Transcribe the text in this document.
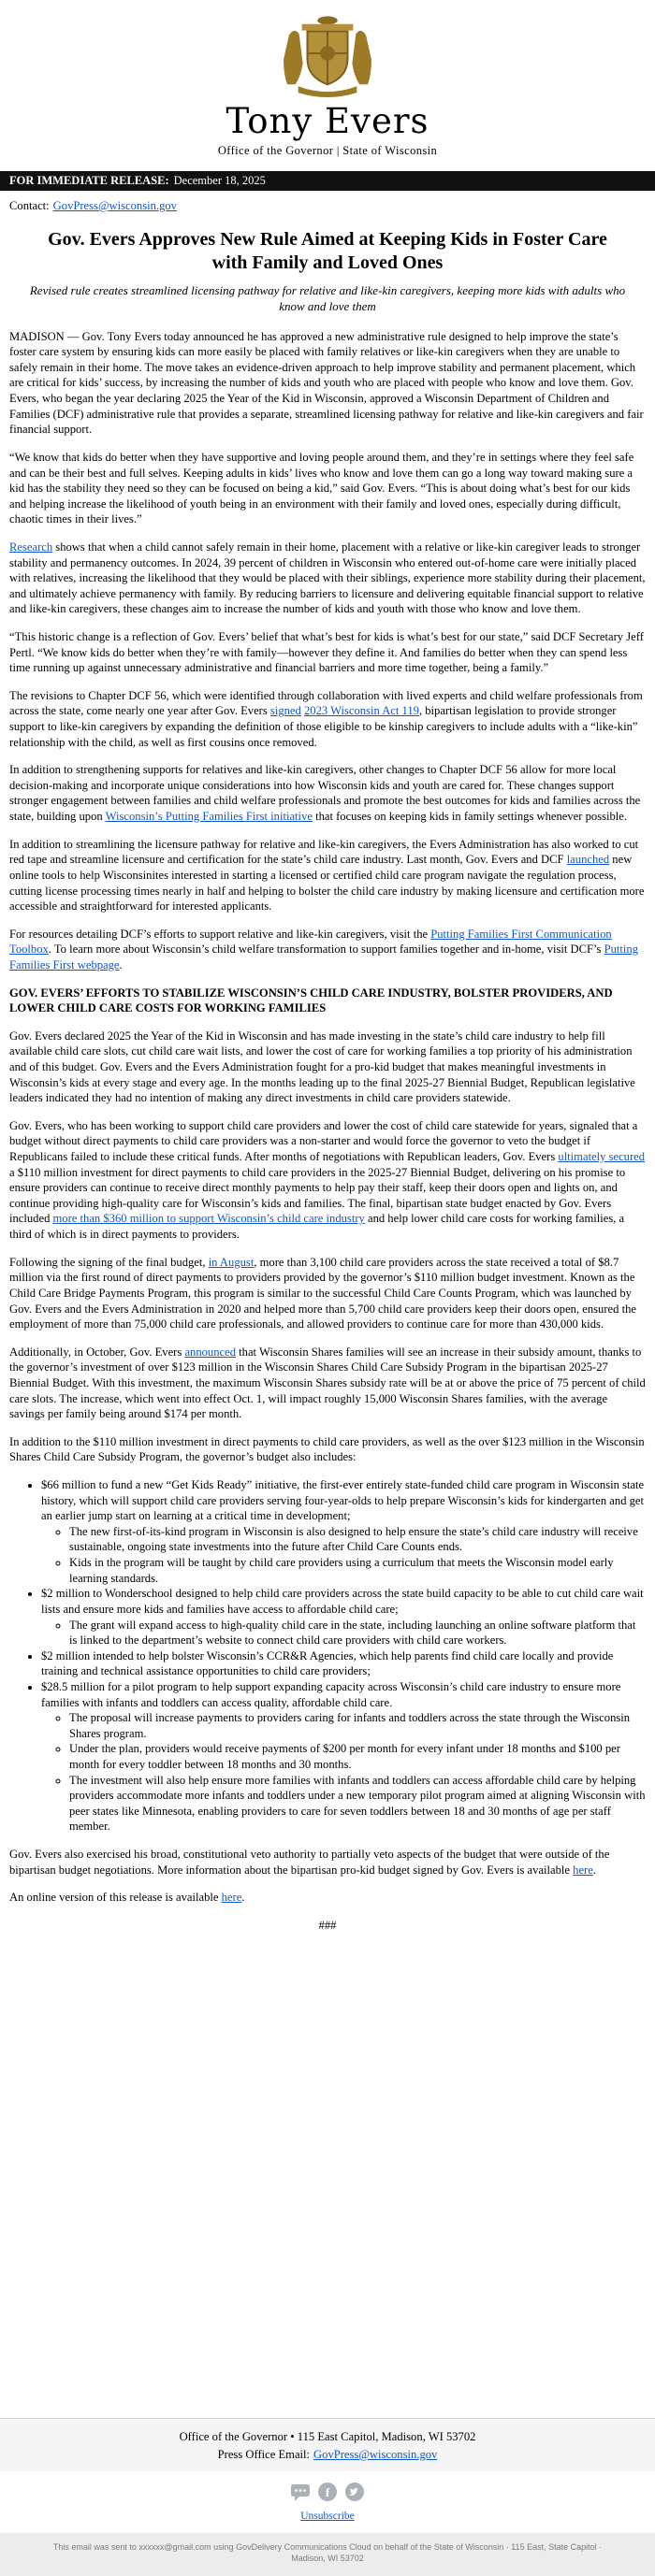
Tony Evers
Office of the Governor | State of Wisconsin
FOR IMMEDIATE RELEASE: December 18, 2025
Contact: GovPress@wisconsin.gov
Gov. Evers Approves New Rule Aimed at Keeping Kids in Foster Care with Family and Loved Ones
Revised rule creates streamlined licensing pathway for relative and like-kin caregivers, keeping more kids with adults who know and love them

MADISON — Gov. Tony Evers today announced he has approved a new administrative rule designed to help improve the state’s foster care system by ensuring kids can more easily be placed with family relatives or like-kin caregivers when they are unable to safely remain in their home. The move takes an evidence-driven approach to help improve stability and permanent placement, which are critical for kids’ success, by increasing the number of kids and youth who are placed with people who know and love them. Gov. Evers, who began the year declaring 2025 the Year of the Kid in Wisconsin, approved a Wisconsin Department of Children and Families (DCF) administrative rule that provides a separate, streamlined licensing pathway for relative and like-kin caregivers and fair financial support.

“We know that kids do better when they have supportive and loving people around them, and they’re in settings where they feel safe and can be their best and full selves. Keeping adults in kids’ lives who know and love them can go a long way toward making sure a kid has the stability they need so they can be focused on being a kid,” said Gov. Evers. “This is about doing what’s best for our kids and helping increase the likelihood of youth being in an environment with their family and loved ones, especially during difficult, chaotic times in their lives.”

Research shows that when a child cannot safely remain in their home, placement with a relative or like-kin caregiver leads to stronger stability and permanency outcomes. In 2024, 39 percent of children in Wisconsin who entered out-of-home care were initially placed with relatives, increasing the likelihood that they would be placed with their siblings, experience more stability during their placement, and ultimately achieve permanency with family. By reducing barriers to licensure and delivering equitable financial support to relative and like-kin caregivers, these changes aim to increase the number of kids and youth with those who know and love them.

“This historic change is a reflection of Gov. Evers’ belief that what’s best for kids is what’s best for our state,” said DCF Secretary Jeff Pertl. “We know kids do better when they’re with family—however they define it. And families do better when they can spend less time running up against unnecessary administrative and financial barriers and more time together, being a family.”

The revisions to Chapter DCF 56, which were identified through collaboration with lived experts and child welfare professionals from across the state, come nearly one year after Gov. Evers signed 2023 Wisconsin Act 119, bipartisan legislation to provide stronger support to like-kin caregivers by expanding the definition of those eligible to be kinship caregivers to include adults with a “like-kin” relationship with the child, as well as first cousins once removed.

In addition to strengthening supports for relatives and like-kin caregivers, other changes to Chapter DCF 56 allow for more local decision-making and incorporate unique considerations into how Wisconsin kids and youth are cared for. These changes support stronger engagement between families and child welfare professionals and promote the best outcomes for kids and families across the state, building upon Wisconsin’s Putting Families First initiative that focuses on keeping kids in family settings whenever possible.

In addition to streamlining the licensure pathway for relative and like-kin caregivers, the Evers Administration has also worked to cut red tape and streamline licensure and certification for the state’s child care industry. Last month, Gov. Evers and DCF launched new online tools to help Wisconsinites interested in starting a licensed or certified child care program navigate the regulation process, cutting license processing times nearly in half and helping to bolster the child care industry by making licensure and certification more accessible and straightforward for interested applicants.

For resources detailing DCF’s efforts to support relative and like-kin caregivers, visit the Putting Families First Communication Toolbox. To learn more about Wisconsin’s child welfare transformation to support families together and in-home, visit DCF’s Putting Families First webpage.

GOV. EVERS’ EFFORTS TO STABILIZE WISCONSIN’S CHILD CARE INDUSTRY, BOLSTER PROVIDERS, AND LOWER CHILD CARE COSTS FOR WORKING FAMILIES

Gov. Evers declared 2025 the Year of the Kid in Wisconsin and has made investing in the state’s child care industry to help fill available child care slots, cut child care wait lists, and lower the cost of care for working families a top priority of his administration and of this budget. Gov. Evers and the Evers Administration fought for a pro-kid budget that makes meaningful investments in Wisconsin’s kids at every stage and every age. In the months leading up to the final 2025-27 Biennial Budget, Republican legislative leaders indicated they had no intention of making any direct investments in child care providers statewide.

Gov. Evers, who has been working to support child care providers and lower the cost of child care statewide for years, signaled that a budget without direct payments to child care providers was a non-starter and would force the governor to veto the budget if Republicans failed to include these critical funds. After months of negotiations with Republican leaders, Gov. Evers ultimately secured a $110 million investment for direct payments to child care providers in the 2025-27 Biennial Budget, delivering on his promise to ensure providers can continue to receive direct monthly payments to help pay their staff, keep their doors open and lights on, and continue providing high-quality care for Wisconsin’s kids and families. The final, bipartisan state budget enacted by Gov. Evers included more than $360 million to support Wisconsin’s child care industry and help lower child care costs for working families, a third of which is in direct payments to providers.

Following the signing of the final budget, in August, more than 3,100 child care providers across the state received a total of $8.7 million via the first round of direct payments to providers provided by the governor’s $110 million budget investment. Known as the Child Care Bridge Payments Program, this program is similar to the successful Child Care Counts Program, which was launched by Gov. Evers and the Evers Administration in 2020 and helped more than 5,700 child care providers keep their doors open, ensured the employment of more than 75,000 child care professionals, and allowed providers to continue care for more than 430,000 kids.

Additionally, in October, Gov. Evers announced that Wisconsin Shares families will see an increase in their subsidy amount, thanks to the governor’s investment of over $123 million in the Wisconsin Shares Child Care Subsidy Program in the bipartisan 2025-27 Biennial Budget. With this investment, the maximum Wisconsin Shares subsidy rate will be at or above the price of 75 percent of child care slots. The increase, which went into effect Oct. 1, will impact roughly 15,000 Wisconsin Shares families, with the average savings per family being around $174 per month.

In addition to the $110 million investment in direct payments to child care providers, as well as the over $123 million in the Wisconsin Shares Child Care Subsidy Program, the governor’s budget also includes:

• $66 million to fund a new “Get Kids Ready” initiative, the first-ever entirely state-funded child care program in Wisconsin state history, which will support child care providers serving four-year-olds to help prepare Wisconsin’s kids for kindergarten and get an earlier jump start on learning at a critical time in development;
◦ The new first-of-its-kind program in Wisconsin is also designed to help ensure the state’s child care industry will receive sustainable, ongoing state investments into the future after Child Care Counts ends.
◦ Kids in the program will be taught by child care providers using a curriculum that meets the Wisconsin model early learning standards.
• $2 million to Wonderschool designed to help child care providers across the state build capacity to be able to cut child care wait lists and ensure more kids and families have access to affordable child care;
◦ The grant will expand access to high-quality child care in the state, including launching an online software platform that is linked to the department’s website to connect child care providers with child care workers.
• $2 million intended to help bolster Wisconsin’s CCR&R Agencies, which help parents find child care locally and provide training and technical assistance opportunities to child care providers;
• $28.5 million for a pilot program to help support expanding capacity across Wisconsin’s child care industry to ensure more families with infants and toddlers can access quality, affordable child care.
◦ The proposal will increase payments to providers caring for infants and toddlers across the state through the Wisconsin Shares program.
◦ Under the plan, providers would receive payments of $200 per month for every infant under 18 months and $100 per month for every toddler between 18 months and 30 months.
◦ The investment will also help ensure more families with infants and toddlers can access affordable child care by helping providers accommodate more infants and toddlers under a new temporary pilot program aimed at aligning Wisconsin with peer states like Minnesota, enabling providers to care for seven toddlers between 18 and 30 months of age per staff member.

Gov. Evers also exercised his broad, constitutional veto authority to partially veto aspects of the budget that were outside of the bipartisan budget negotiations. More information about the bipartisan pro-kid budget signed by Gov. Evers is available here.

An online version of this release is available here.

###

Office of the Governor • 115 East Capitol, Madison, WI 53702
Press Office Email: GovPress@wisconsin.gov
f
Unsubscribe
This email was sent to xxxxxx@gmail.com using GovDelivery Communications Cloud on behalf of the State of Wisconsin · 115 East, State Capitol · Madison, WI 53702
